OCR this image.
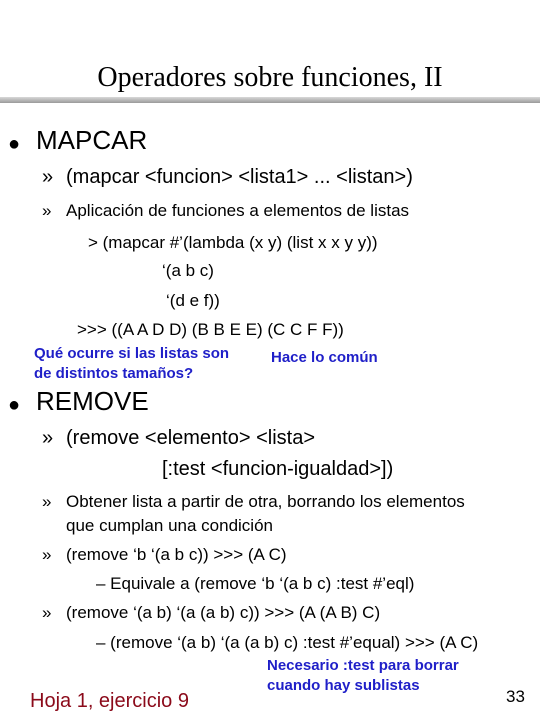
Operadores sobre funciones, II
● MAPCAR
» (mapcar <funcion> <lista1> ... <listan>)
» Aplicación de funciones a elementos de listas
> (mapcar #’(lambda (x y) (list x x y y))
‘(a b c)
‘(d e f))
>>> ((A A D D) (B B E E) (C C F F))
Qué ocurre si las listas son
de distintos tamaños?
Hace lo común
● REMOVE
» (remove <elemento> <lista>
[:test <funcion-igualdad>])
» Obtener lista a partir de otra, borrando los elementos
que cumplan una condición
» (remove ‘b ‘(a b c)) >>> (A C)
– Equivale a (remove ‘b ‘(a b c) :test #’eql)
» (remove ‘(a b) ‘(a (a b) c)) >>> (A (A B) C)
– (remove ‘(a b) ‘(a (a b) c) :test #’equal) >>> (A C)
Necesario :test para borrar
cuando hay sublistas
Hoja 1, ejercicio 9	33
